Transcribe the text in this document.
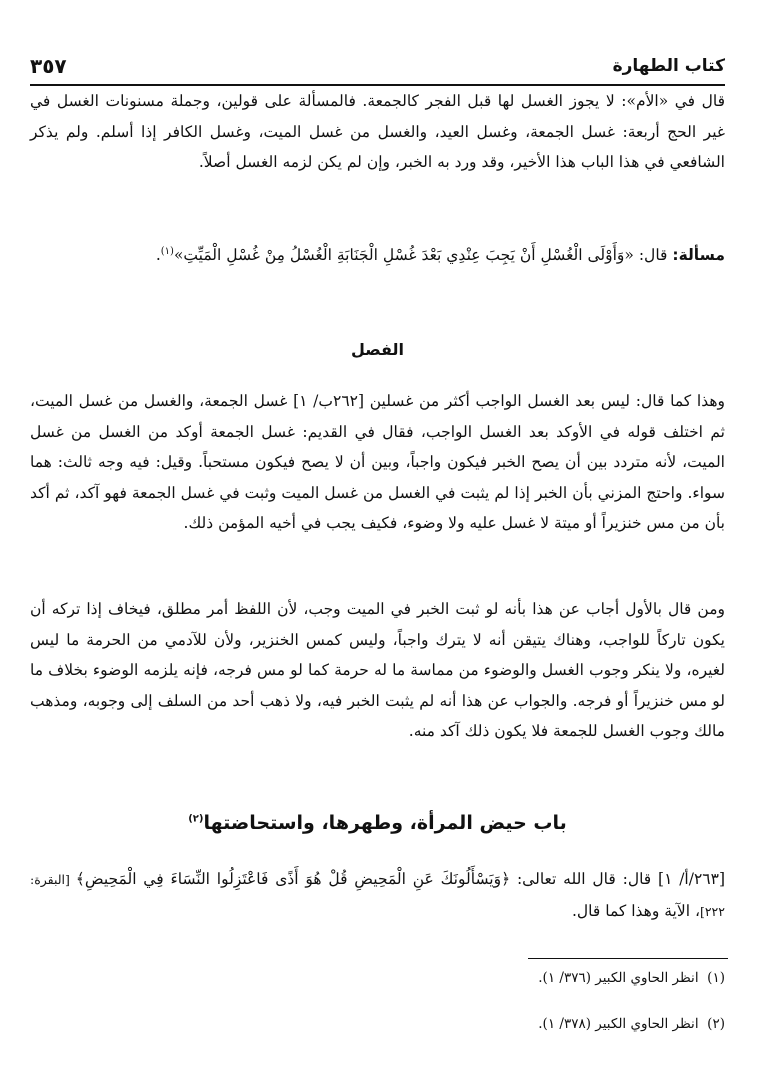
كتاب الطهارة
٣٥٧

قال في «الأم»: لا يجوز الغسل لها قبل الفجر كالجمعة. فالمسألة على قولين، وجملة مسنونات الغسل في غير الحج أربعة: غسل الجمعة، وغسل العيد، والغسل من غسل الميت، وغسل الكافر إذا أسلم. ولم يذكر الشافعي في هذا الباب هذا الأخير، وقد ورد به الخبر، وإن لم يكن لزمه الغسل أصلاً.

مسألة: قال: «وَأَوْلَى الْغُسْلِ أَنْ يَجِبَ عِنْدِي بَعْدَ غُسْلِ الْجَنَابَةِ الْغُسْلُ مِنْ غُسْلِ الْمَيِّتِ»$^{(١)}$.

الفصل

وهذا كما قال: ليس بعد الغسل الواجب أكثر من غسلين [٢٦٢ب/ ١] غسل الجمعة، والغسل من غسل الميت، ثم اختلف قوله في الأوكد بعد الغسل الواجب، فقال في القديم: غسل الجمعة أوكد من الغسل من غسل الميت، لأنه متردد بين أن يصح الخبر فيكون واجباً، وبين أن لا يصح فيكون مستحباً. وقيل: فيه وجه ثالث: هما سواء. واحتج المزني بأن الخبر إذا لم يثبت في الغسل من غسل الميت وثبت في غسل الجمعة فهو آكد، ثم أكد بأن من مس خنزيراً أو ميتة لا غسل عليه ولا وضوء، فكيف يجب في أخيه المؤمن ذلك.

ومن قال بالأول أجاب عن هذا بأنه لو ثبت الخبر في الميت وجب، لأن اللفظ أمر مطلق، فيخاف إذا تركه أن يكون تاركاً للواجب، وهناك يتيقن أنه لا يترك واجباً، وليس كمس الخنزير، ولأن للآدمي من الحرمة ما ليس لغيره، ولا ينكر وجوب الغسل والوضوء من مماسة ما له حرمة كما لو مس فرجه، فإنه يلزمه الوضوء بخلاف ما لو مس خنزيراً أو فرجه. والجواب عن هذا أنه لم يثبت الخبر فيه، ولا ذهب أحد من السلف إلى وجوبه، ومذهب مالك وجوب الغسل للجمعة فلا يكون ذلك آكد منه.

باب حيض المرأة، وطهرها، واستحاضتها$^{(٢)}$

[٢٦٣/أ/ ١] قال: قال الله تعالى: ﴿وَيَسْأَلُونَكَ عَنِ الْمَحِيضِ قُلْ هُوَ أَذًى فَاعْتَزِلُوا النِّسَاءَ فِي الْمَحِيضِ﴾ [البقرة: ٢٢٢]، الآية وهذا كما قال.

(١)  انظر الحاوي الكبير (٣٧٦/ ١).
(٢)  انظر الحاوي الكبير (٣٧٨/ ١).
